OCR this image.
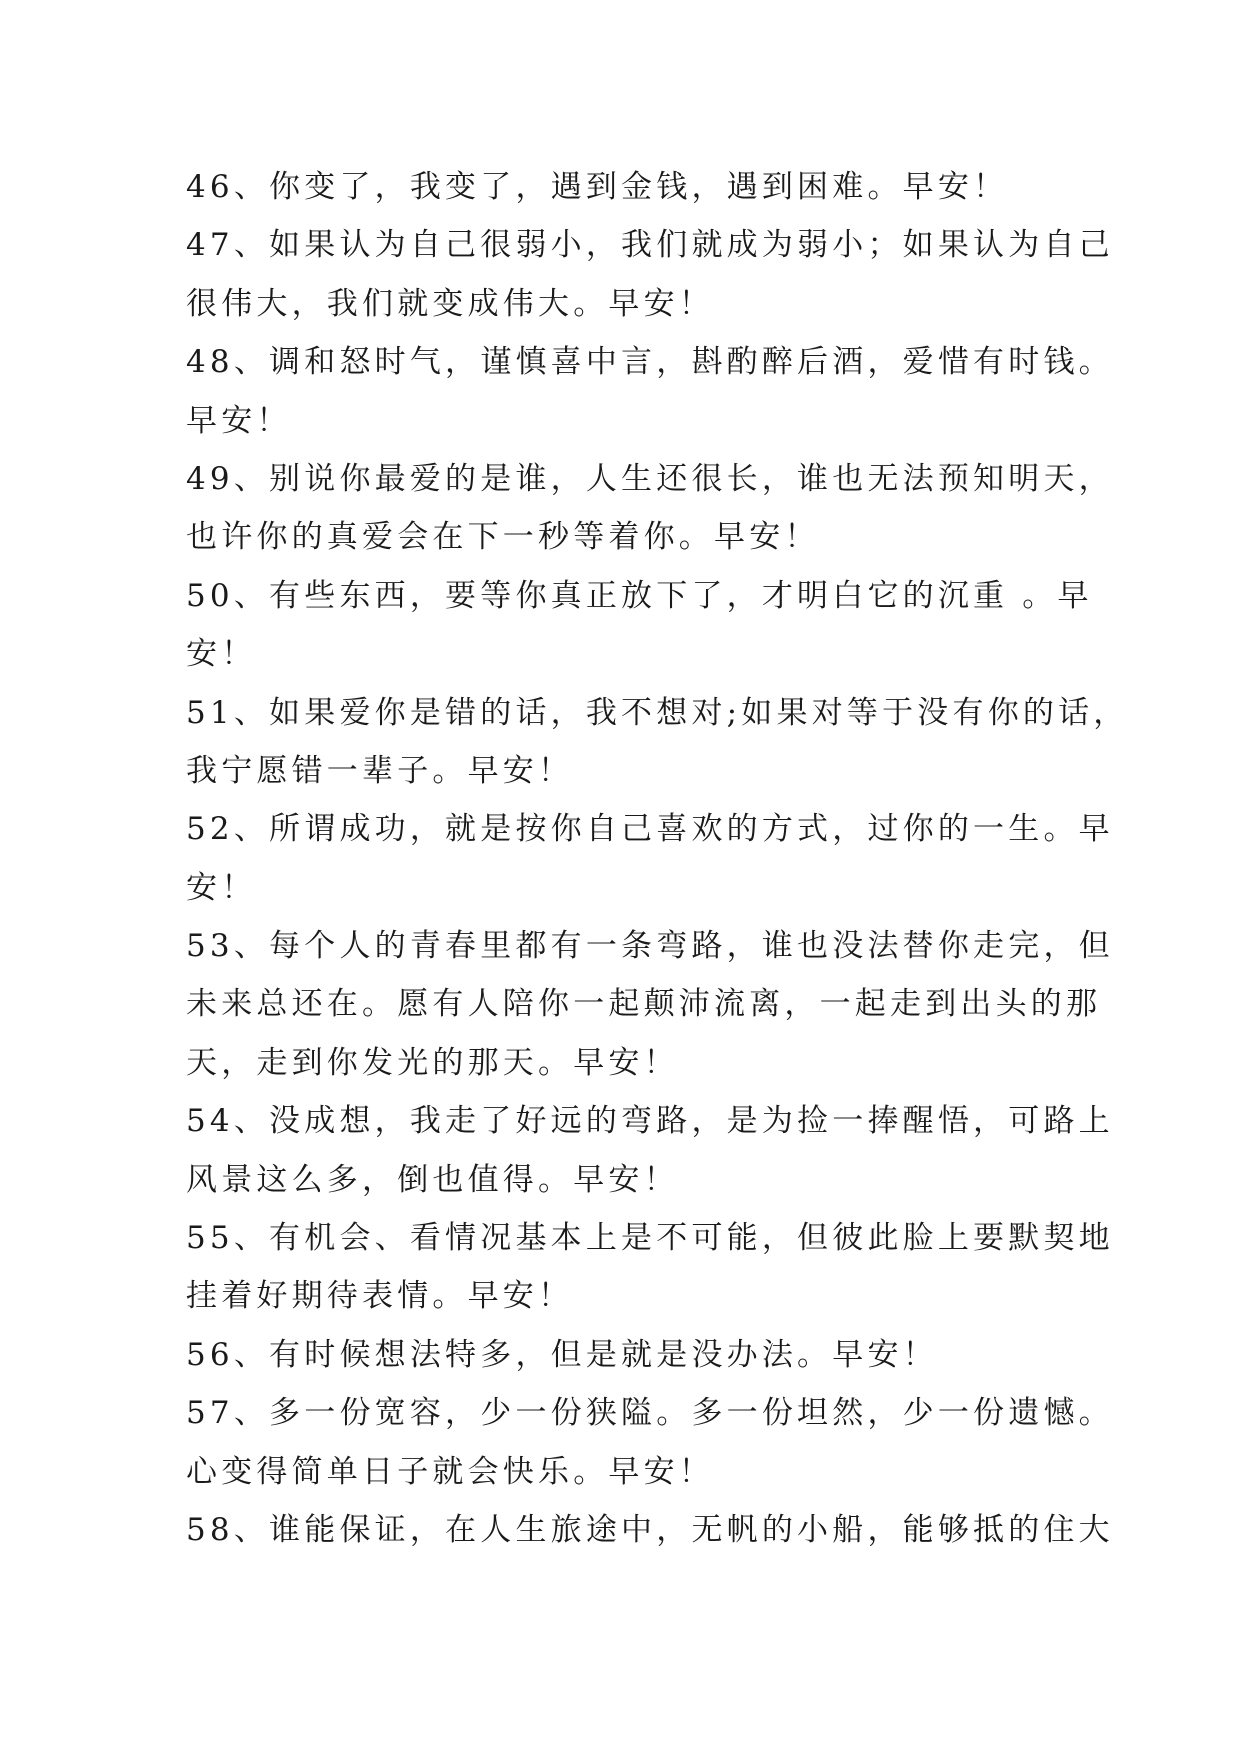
46、你变了，我变了，遇到金钱，遇到困难。早安！
47、如果认为自己很弱小，我们就成为弱小；如果认为自己
很伟大，我们就变成伟大。早安！
48、调和怒时气，谨慎喜中言，斟酌醉后酒，爱惜有时钱。
早安！
49、别说你最爱的是谁，人生还很长，谁也无法预知明天，
也许你的真爱会在下一秒等着你。早安！
50、有些东西，要等你真正放下了，才明白它的沉重 。早
安！
51、如果爱你是错的话，我不想对;如果对等于没有你的话，
我宁愿错一辈子。早安！
52、所谓成功，就是按你自己喜欢的方式，过你的一生。早
安！
53、每个人的青春里都有一条弯路，谁也没法替你走完，但
未来总还在。愿有人陪你一起颠沛流离，一起走到出头的那
天，走到你发光的那天。早安！
54、没成想，我走了好远的弯路，是为捡一捧醒悟，可路上
风景这么多，倒也值得。早安！
55、有机会、看情况基本上是不可能，但彼此脸上要默契地
挂着好期待表情。早安！
56、有时候想法特多，但是就是没办法。早安！
57、多一份宽容，少一份狭隘。多一份坦然，少一份遗憾。
心变得简单日子就会快乐。早安！
58、谁能保证，在人生旅途中，无帆的小船，能够抵的住大
